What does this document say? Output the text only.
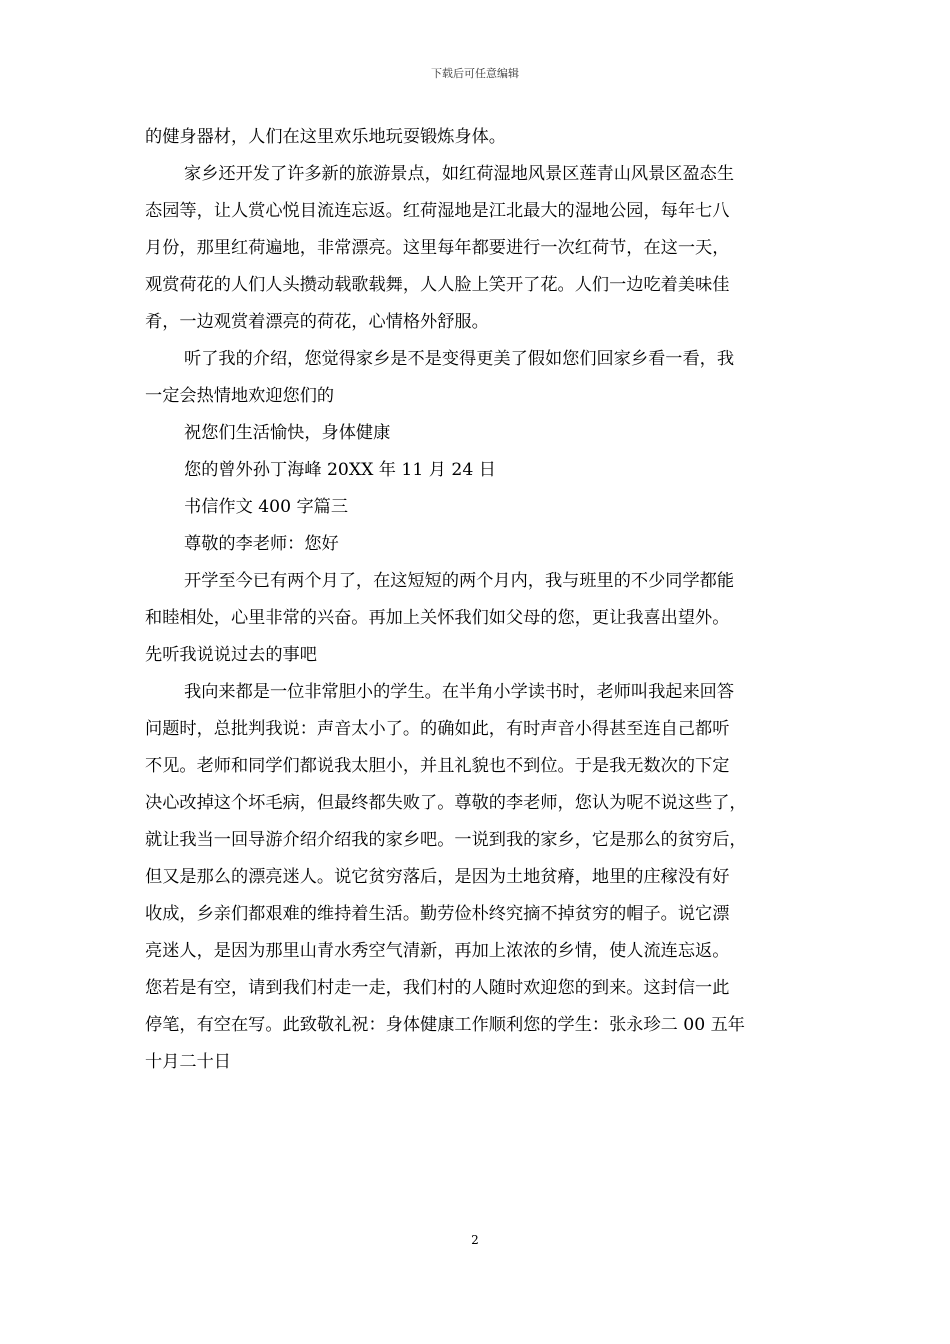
下载后可任意编辑
的健身器材，人们在这里欢乐地玩耍锻炼身体。
家乡还开发了许多新的旅游景点，如红荷湿地风景区莲青山风景区盈态生
态园等，让人赏心悦目流连忘返。红荷湿地是江北最大的湿地公园，每年七八
月份，那里红荷遍地，非常漂亮。这里每年都要进行一次红荷节，在这一天，
观赏荷花的人们人头攒动载歌载舞，人人脸上笑开了花。人们一边吃着美味佳
肴，一边观赏着漂亮的荷花，心情格外舒服。
听了我的介绍，您觉得家乡是不是变得更美了假如您们回家乡看一看，我
一定会热情地欢迎您们的
祝您们生活愉快，身体健康
您的曾外孙丁海峰 20XX 年 11 月 24 日
书信作文 400 字篇三
尊敬的李老师：您好
开学至今已有两个月了，在这短短的两个月内，我与班里的不少同学都能
和睦相处，心里非常的兴奋。再加上关怀我们如父母的您，更让我喜出望外。
先听我说说过去的事吧
我向来都是一位非常胆小的学生。在半角小学读书时，老师叫我起来回答
问题时，总批判我说：声音太小了。的确如此，有时声音小得甚至连自己都听
不见。老师和同学们都说我太胆小，并且礼貌也不到位。于是我无数次的下定
决心改掉这个坏毛病，但最终都失败了。尊敬的李老师，您认为呢不说这些了，
就让我当一回导游介绍介绍我的家乡吧。一说到我的家乡，它是那么的贫穷后，
但又是那么的漂亮迷人。说它贫穷落后，是因为土地贫瘠，地里的庄稼没有好
收成，乡亲们都艰难的维持着生活。勤劳俭朴终究摘不掉贫穷的帽子。说它漂
亮迷人，是因为那里山青水秀空气清新，再加上浓浓的乡情，使人流连忘返。
您若是有空，请到我们村走一走，我们村的人随时欢迎您的到来。这封信一此
停笔，有空在写。此致敬礼祝：身体健康工作顺利您的学生：张永珍二 00 五年
十月二十日
2
